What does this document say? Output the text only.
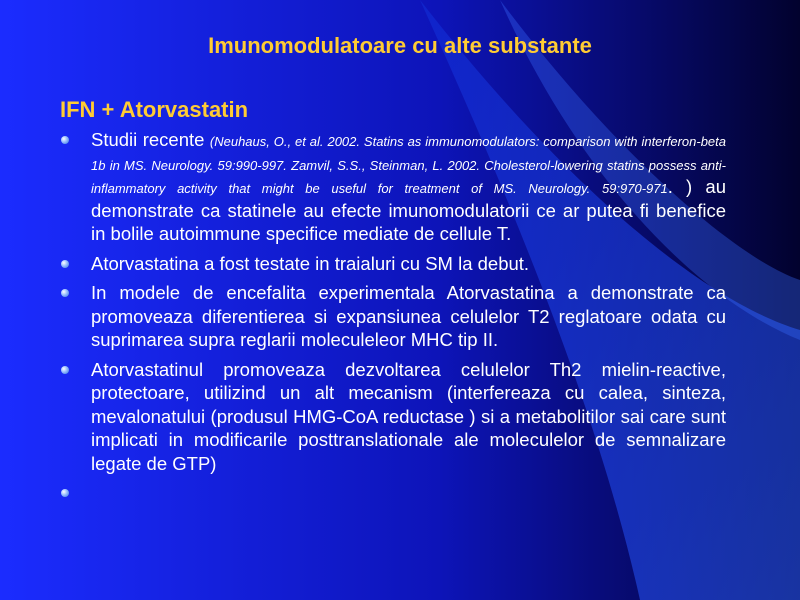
Imunomodulatoare cu alte substante
IFN + Atorvastatin
Studii recente (Neuhaus, O., et al. 2002. Statins as immunomodulators: comparison with interferon-beta 1b in MS. Neurology. 59:990-997. Zamvil, S.S., Steinman, L. 2002. Cholesterol-lowering statins possess anti-inflammatory activity that might be useful for treatment of MS. Neurology. 59:970-971. ) au demonstrate ca statinele au efecte imunomodulatorii ce ar putea fi benefice in bolile autoimmune specifice mediate de cellule T.
Atorvastatina a fost testate in traialuri cu SM la debut.
In modele de encefalita experimentala Atorvastatina a demonstrate ca promoveaza diferentierea si expansiunea celulelor T2 reglatoare odata cu suprimarea supra reglarii moleculeleor MHC tip II.
Atorvastatinul promoveaza dezvoltarea celulelor Th2 mielin-reactive, protectoare, utilizind un alt mecanism (interfereaza cu calea, sinteza, mevalonatului (produsul HMG-CoA reductase ) si a metabolitilor sai care sunt implicati in modificarile posttranslationale ale moleculelor de semnalizare legate de GTP)
